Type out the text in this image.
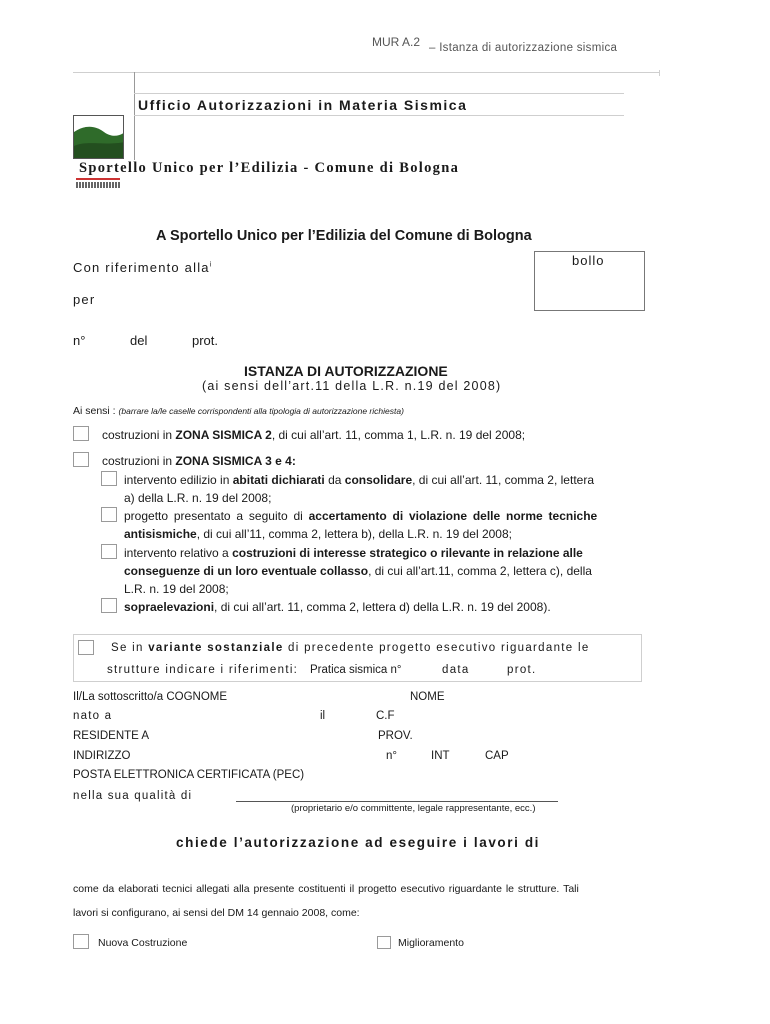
MUR A.2 – Istanza di autorizzazione sismica
Ufficio Autorizzazioni in Materia Sismica
Sportello Unico per l’Edilizia - Comune di Bologna
A Sportello Unico per l’Edilizia del Comune di Bologna
bollo
Con riferimento alla$^i$
per
n°	del	prot.
ISTANZA DI AUTORIZZAZIONE
(ai sensi dell’art.11 della L.R. n.19 del 2008)
Ai sensi : (barrare la/le caselle corrispondenti alla tipologia di autorizzazione richiesta)
costruzioni in ZONA SISMICA 2, di cui all’art. 11, comma 1, L.R. n. 19 del 2008;
costruzioni in ZONA SISMICA 3 e 4:
intervento edilizio in abitati dichiarati da consolidare, di cui all’art. 11, comma 2, lettera
a) della L.R. n. 19 del 2008;
progetto presentato a seguito di accertamento di violazione delle norme tecniche
antisismiche, di cui all’11, comma 2, lettera b), della L.R. n. 19 del 2008;
intervento relativo a costruzioni di interesse strategico o rilevante in relazione alle
conseguenze di un loro eventuale collasso, di cui all’art.11, comma 2, lettera c), della
L.R. n. 19 del 2008;
sopraelevazioni, di cui all’art. 11, comma 2, lettera d) della L.R. n. 19 del 2008).
Se in variante sostanziale di precedente progetto esecutivo riguardante le
strutture indicare i riferimenti: Pratica sismica n°	data	prot.
Il/La sottoscritto/a COGNOME	NOME
nato a	il	C.F
RESIDENTE A	PROV.
INDIRIZZO	n°	INT	CAP
POSTA ELETTRONICA CERTIFICATA (PEC)
nella sua qualità di
(proprietario e/o committente, legale rappresentante, ecc.)
chiede l’autorizzazione ad eseguire i lavori di
come da elaborati tecnici allegati alla presente costituenti il progetto esecutivo riguardante le strutture. Tali
lavori si configurano, ai sensi del DM 14 gennaio 2008, come:
Nuova Costruzione	Miglioramento
